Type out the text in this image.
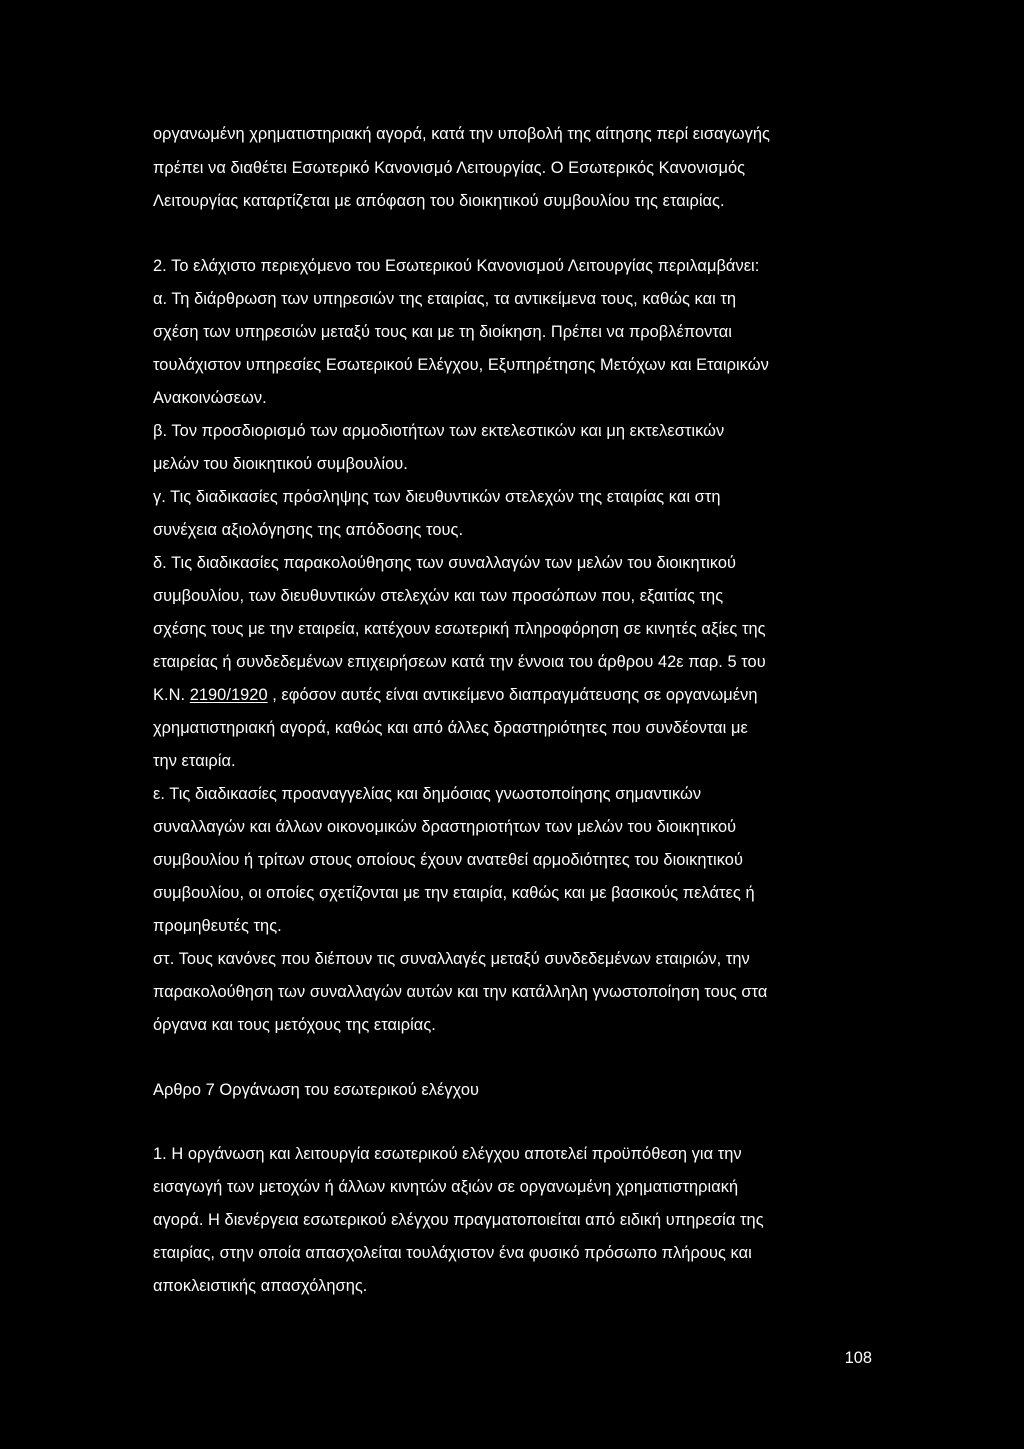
οργανωμένη χρηματιστηριακή αγορά, κατά την υποβολή της αίτησης περί εισαγωγής

πρέπει να διαθέτει Εσωτερικό Κανονισμό Λειτουργίας. Ο Εσωτερικός Κανονισμός

Λειτουργίας καταρτίζεται με απόφαση του διοικητικού συμβουλίου της εταιρίας.

2. Το ελάχιστο περιεχόμενο του Εσωτερικού Κανονισμού Λειτουργίας περιλαμβάνει:

α. Τη διάρθρωση των υπηρεσιών της εταιρίας, τα αντικείμενα τους, καθώς και τη

σχέση των υπηρεσιών μεταξύ τους και με τη διοίκηση. Πρέπει να προβλέπονται

τουλάχιστον υπηρεσίες Εσωτερικού Ελέγχου, Εξυπηρέτησης Μετόχων και Εταιρικών

Ανακοινώσεων.

β. Τον προσδιορισμό των αρμοδιοτήτων των εκτελεστικών και μη εκτελεστικών

μελών του διοικητικού συμβουλίου.

γ. Τις διαδικασίες πρόσληψης των διευθυντικών στελεχών της εταιρίας και στη

συνέχεια αξιολόγησης της απόδοσης τους.

δ. Τις διαδικασίες παρακολούθησης των συναλλαγών των μελών του διοικητικού

συμβουλίου, των διευθυντικών στελεχών και των προσώπων που, εξαιτίας της

σχέσης τους με την εταιρεία, κατέχουν εσωτερική πληροφόρηση σε κινητές αξίες της

εταιρείας ή συνδεδεμένων επιχειρήσεων κατά την έννοια του άρθρου 42ε παρ. 5 του

Κ.Ν. 2190/1920 , εφόσον αυτές είναι αντικείμενο διαπραγμάτευσης σε οργανωμένη

χρηματιστηριακή αγορά, καθώς και από άλλες δραστηριότητες που συνδέονται με

την εταιρία.

ε. Τις διαδικασίες προαναγγελίας και δημόσιας γνωστοποίησης σημαντικών

συναλλαγών και άλλων οικονομικών δραστηριοτήτων των μελών του διοικητικού

συμβουλίου ή τρίτων στους οποίους έχουν ανατεθεί αρμοδιότητες του διοικητικού

συμβουλίου, οι οποίες σχετίζονται με την εταιρία, καθώς και με βασικούς πελάτες ή

προμηθευτές της.

στ. Τους κανόνες που διέπουν τις συναλλαγές μεταξύ συνδεδεμένων εταιριών, την

παρακολούθηση των συναλλαγών αυτών και την κατάλληλη γνωστοποίηση τους στα

όργανα και τους μετόχους της εταιρίας.

Αρθρο 7 Οργάνωση του εσωτερικού ελέγχου

1. Η οργάνωση και λειτουργία εσωτερικού ελέγχου αποτελεί προϋπόθεση για την

εισαγωγή των μετοχών ή άλλων κινητών αξιών σε οργανωμένη χρηματιστηριακή

αγορά. Η διενέργεια εσωτερικού ελέγχου πραγματοποιείται από ειδική υπηρεσία της

εταιρίας, στην οποία απασχολείται τουλάχιστον ένα φυσικό πρόσωπο πλήρους και

αποκλειστικής απασχόλησης.

108
